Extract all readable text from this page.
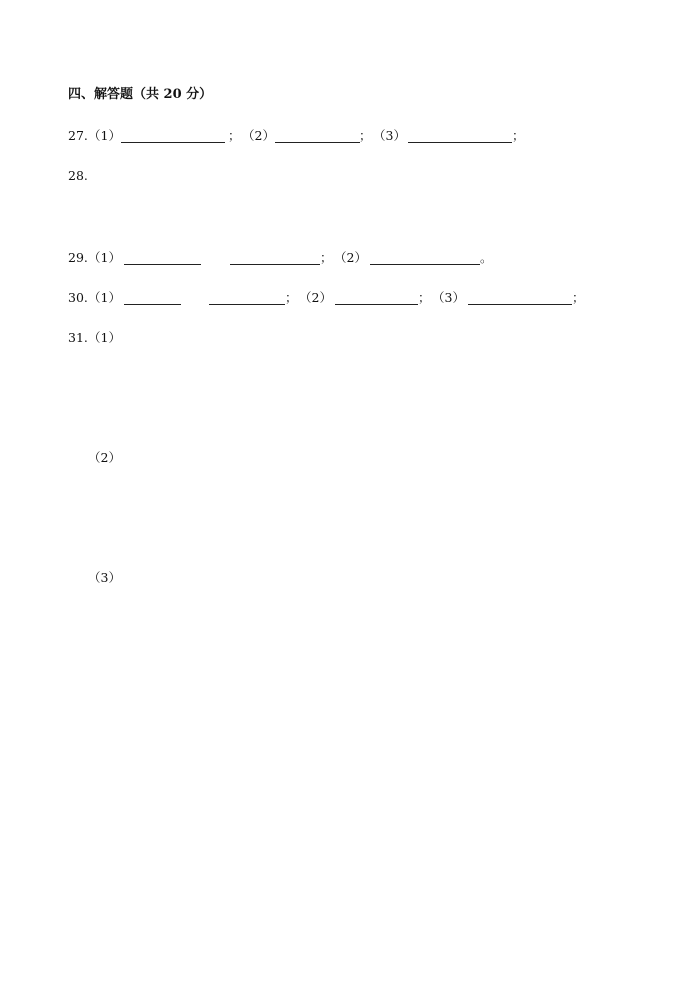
四、解答题（共 20 分）
27. （1）	； （2）	； （3）	；
28.
29. （1）	； （2）	。
30. （1）	； （2）	； （3）	；
31. （1）
（2）
（3）
